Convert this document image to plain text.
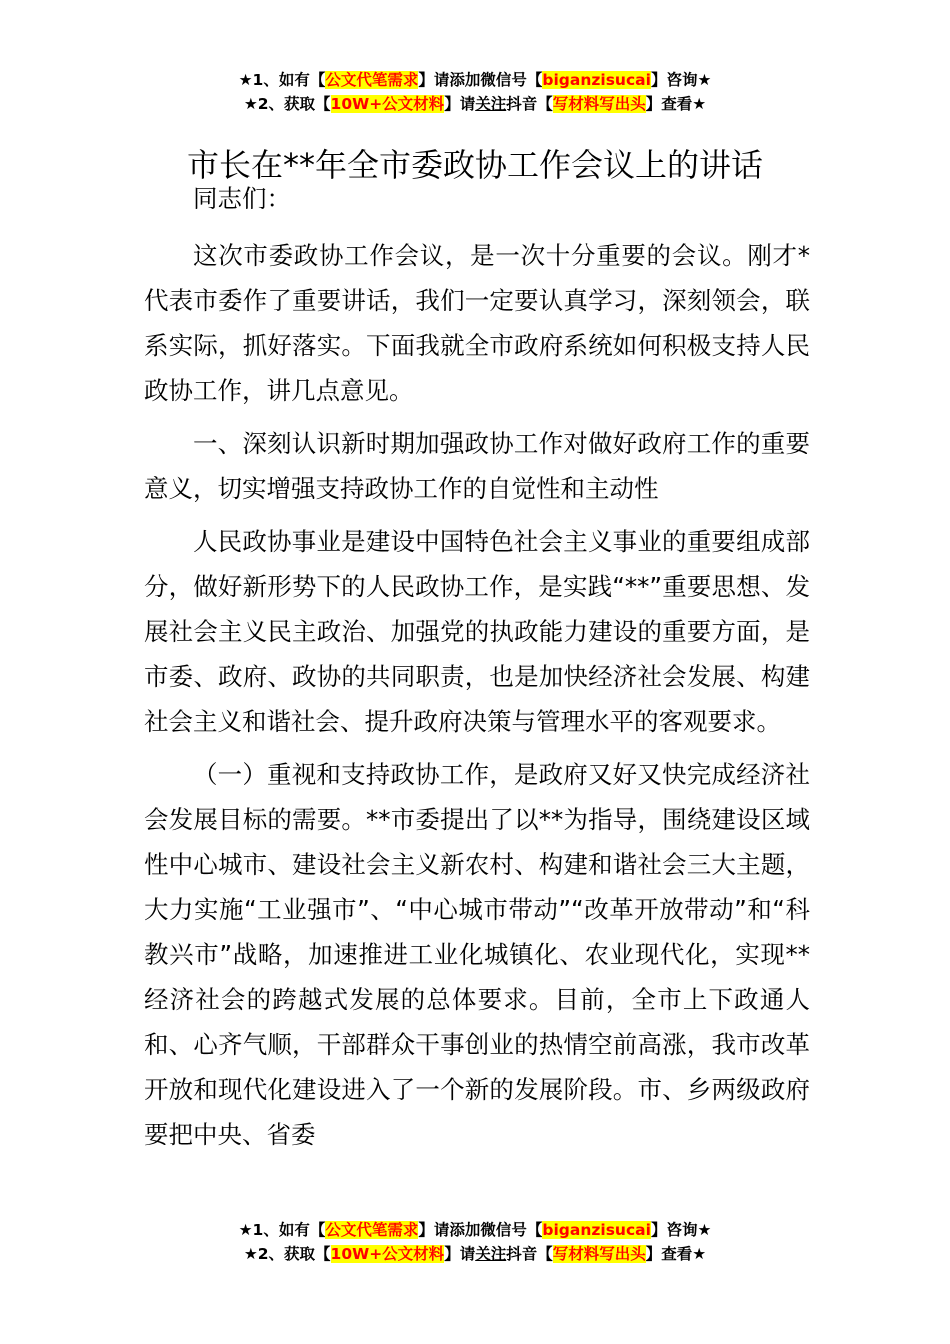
★1、如有【公文代笔需求】请添加微信号【biganzisucai】咨询★
★2、获取【10W+公文材料】请关注抖音【写材料写出头】查看★
市长在**年全市委政协工作会议上的讲话

同志们：

这次市委政协工作会议，是一次十分重要的会议。刚才*代表市委作了重要讲话，我们一定要认真学习，深刻领会，联系实际，抓好落实。下面我就全市政府系统如何积极支持人民政协工作，讲几点意见。

一、深刻认识新时期加强政协工作对做好政府工作的重要意义，切实增强支持政协工作的自觉性和主动性

人民政协事业是建设中国特色社会主义事业的重要组成部分，做好新形势下的人民政协工作，是实践“**”重要思想、发展社会主义民主政治、加强党的执政能力建设的重要方面，是市委、政府、政协的共同职责，也是加快经济社会发展、构建社会主义和谐社会、提升政府决策与管理水平的客观要求。

（一）重视和支持政协工作，是政府又好又快完成经济社会发展目标的需要。**市委提出了以**为指导，围绕建设区域性中心城市、建设社会主义新农村、构建和谐社会三大主题，大力实施“工业强市”、“中心城市带动”“改革开放带动”和“科教兴市”战略，加速推进工业化城镇化、农业现代化，实现**经济社会的跨越式发展的总体要求。目前，全市上下政通人和、心齐气顺，干部群众干事创业的热情空前高涨，我市改革开放和现代化建设进入了一个新的发展阶段。市、乡两级政府要把中央、省委

★1、如有【公文代笔需求】请添加微信号【biganzisucai】咨询★
★2、获取【10W+公文材料】请关注抖音【写材料写出头】查看★
